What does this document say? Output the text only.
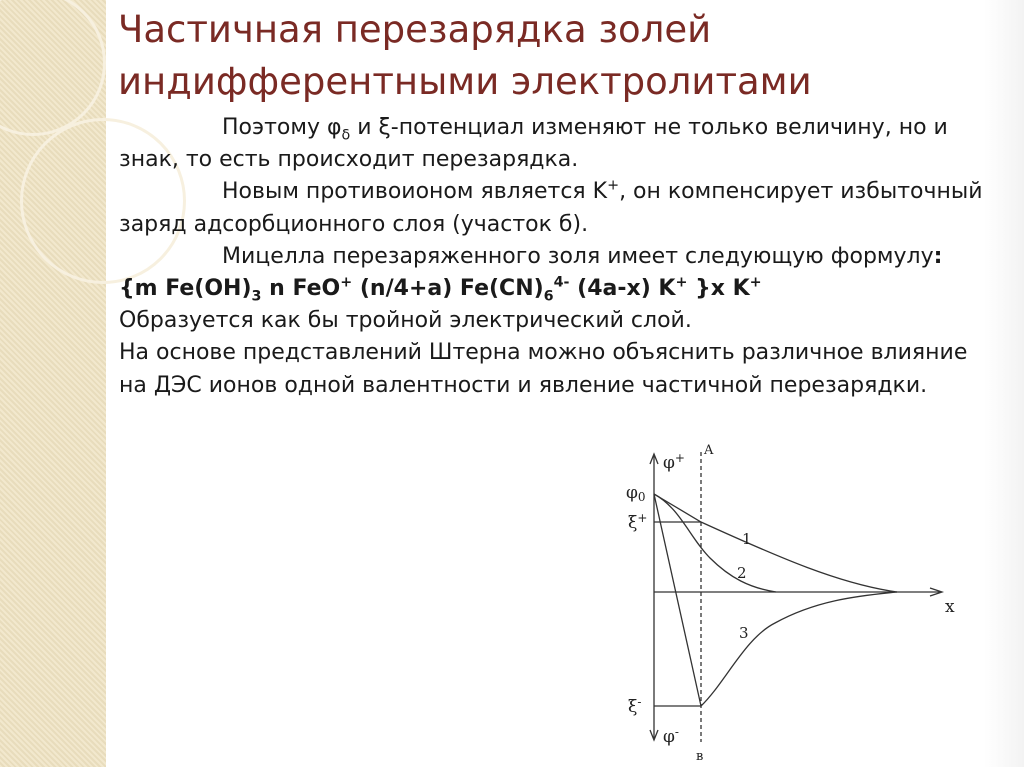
Частичная перезарядка золей
индифферентными электролитами

Поэтому $\varphi_\delta$ и ξ-потенциал изменяют не только величину, но и знак, то есть происходит перезарядка.

Новым противоионом является K+, он компенсирует избыточный заряд адсорбционного слоя (участок б).

Мицелла перезаряженного золя имеет следующую формулу:

{m $Fe(OH)_3$ n FeO+ (n/4+a) $Fe(CN)_6^{4-}$ (4a-x) K+ }x K+

Образуется как бы тройной электрический слой.

На основе представлений Штерна можно объяснить различное влияние на ДЭС ионов одной валентности и явление частичной перезарядки.

φ+ A
φ0
ξ+
1
2
3
x
ξ-
φ-
в
